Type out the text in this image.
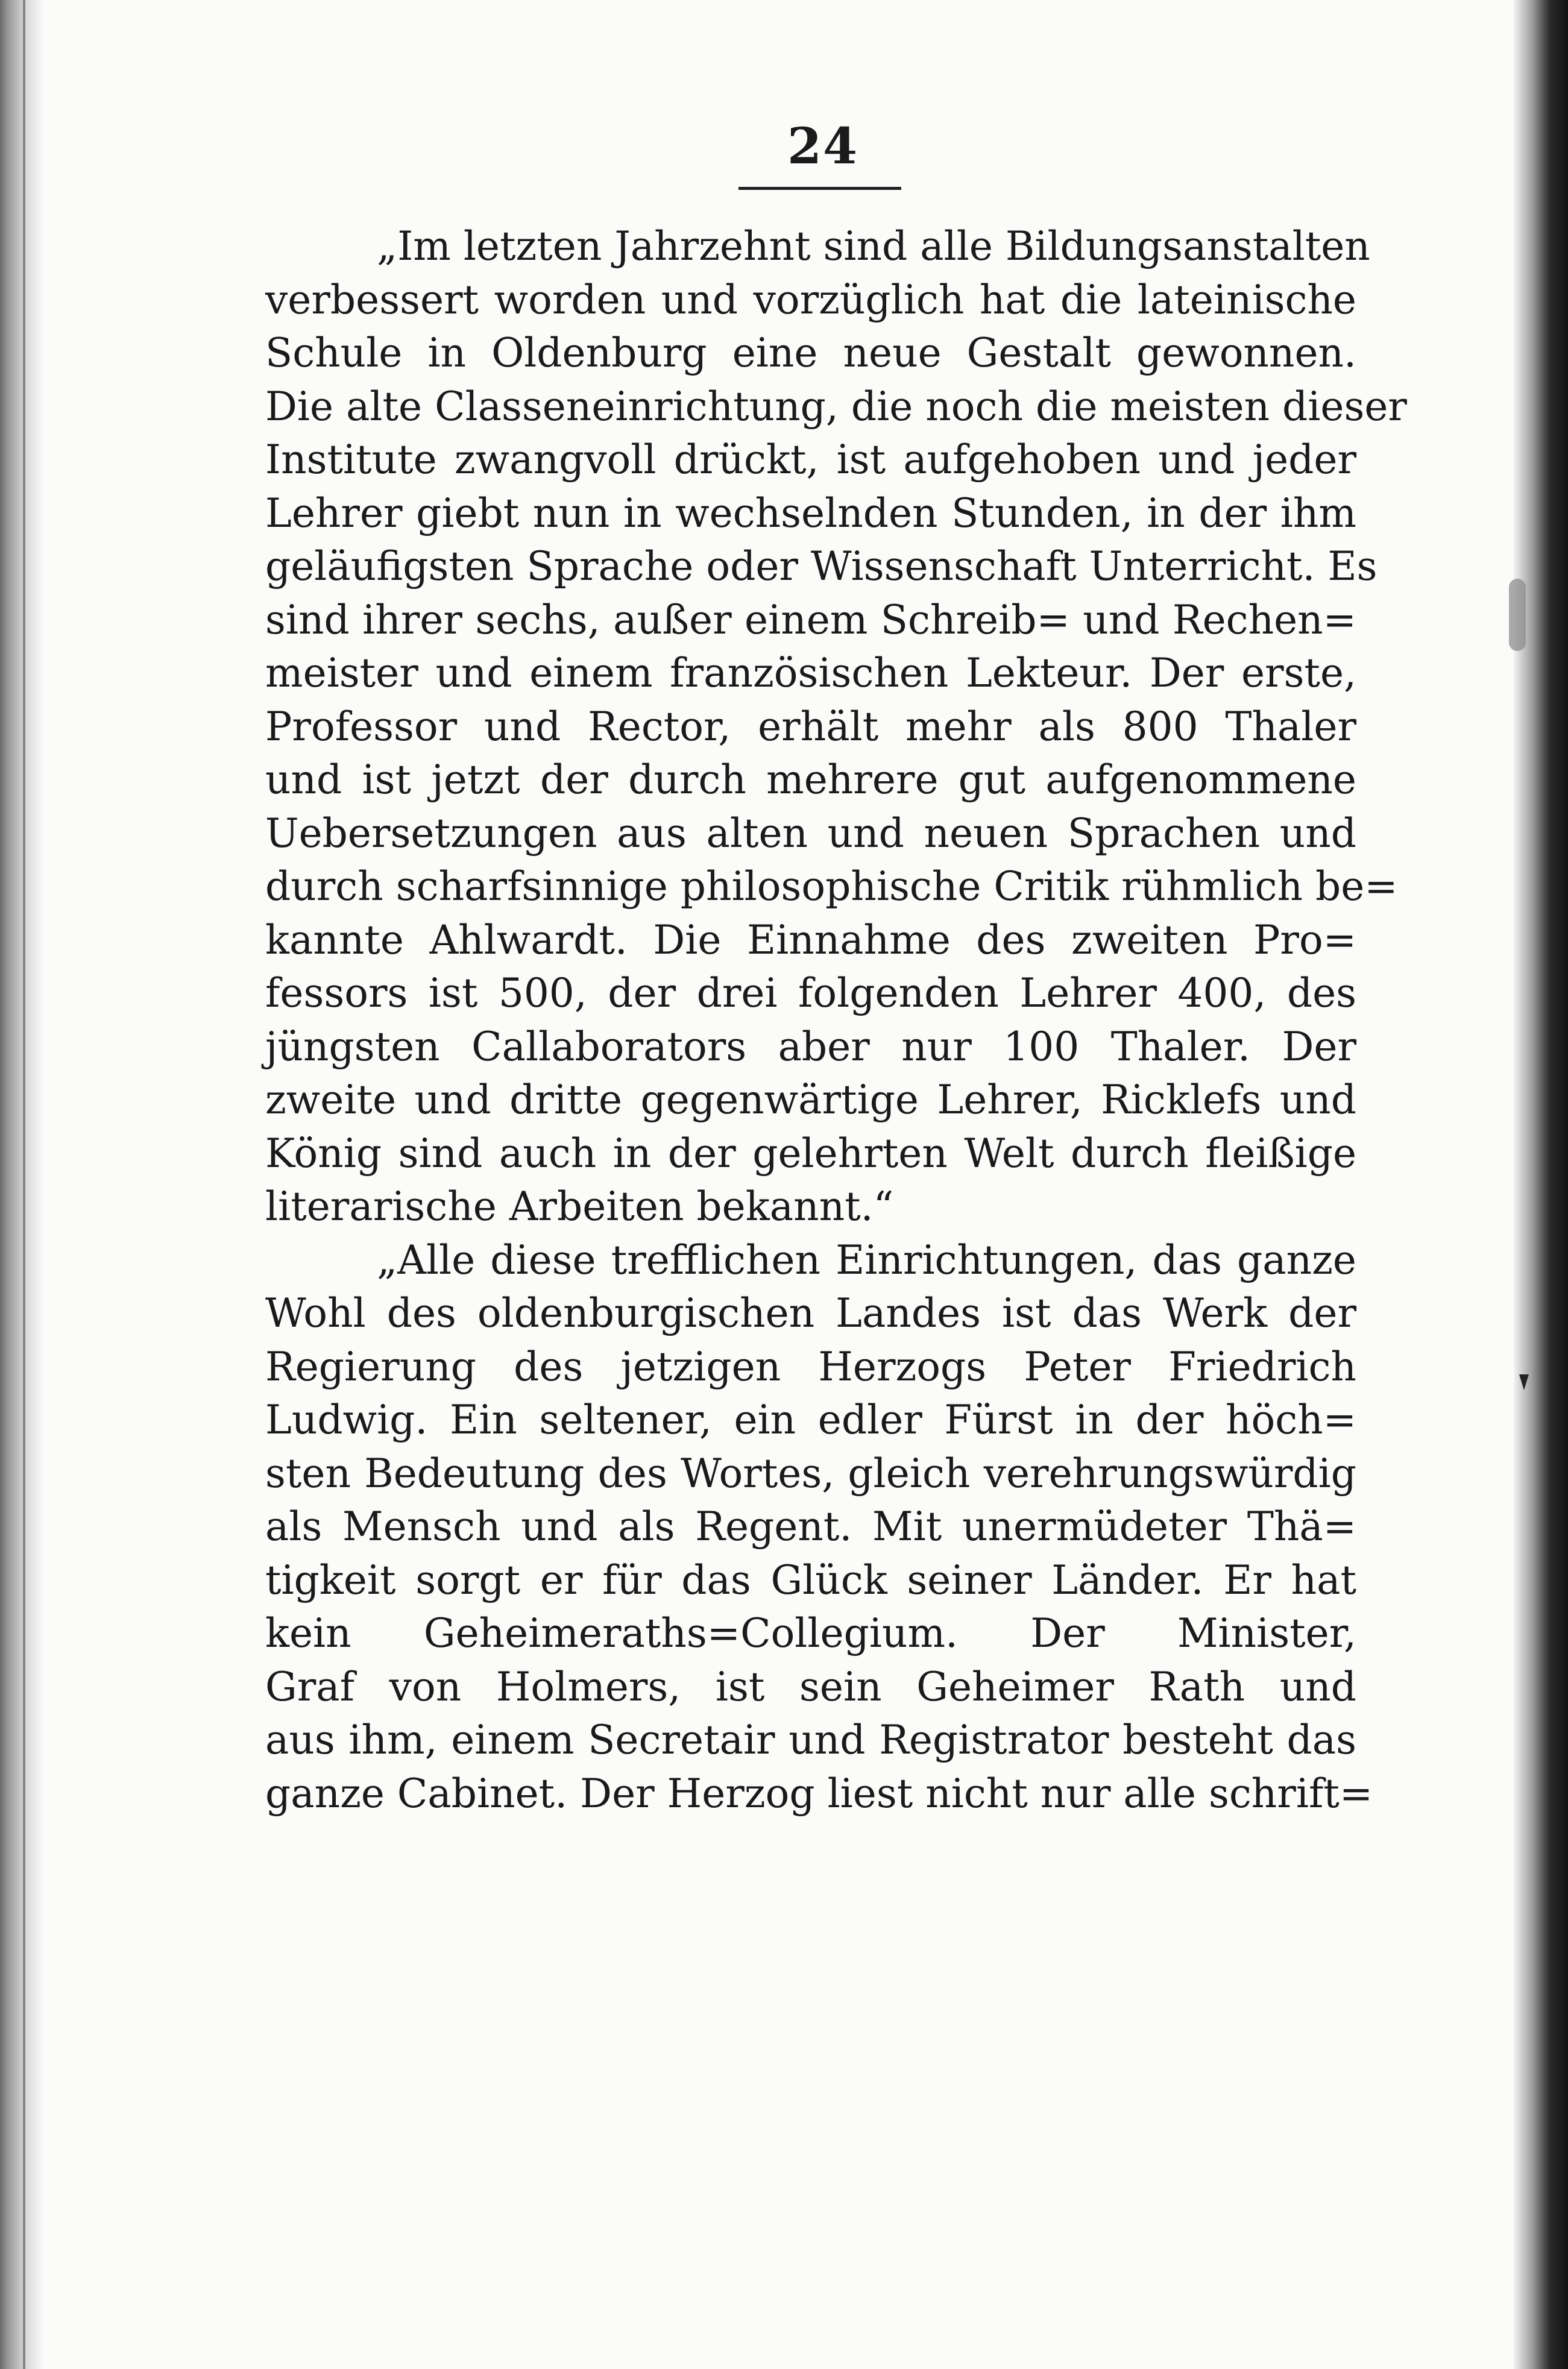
24
„Im letzten Jahrzehnt sind alle Bildungsanstalten
verbessert worden und vorzüglich hat die lateinische
Schule in Oldenburg eine neue Gestalt gewonnen.
Die alte Classeneinrichtung, die noch die meisten dieser
Institute zwangvoll drückt, ist aufgehoben und jeder
Lehrer giebt nun in wechselnden Stunden, in der ihm
geläufigsten Sprache oder Wissenschaft Unterricht. Es
sind ihrer sechs, außer einem Schreib= und Rechen=
meister und einem französischen Lekteur. Der erste,
Professor und Rector, erhält mehr als 800 Thaler
und ist jetzt der durch mehrere gut aufgenommene
Uebersetzungen aus alten und neuen Sprachen und
durch scharfsinnige philosophische Critik rühmlich be=
kannte Ahlwardt. Die Einnahme des zweiten Pro=
fessors ist 500, der drei folgenden Lehrer 400, des
jüngsten Callaborators aber nur 100 Thaler. Der
zweite und dritte gegenwärtige Lehrer, Ricklefs und
König sind auch in der gelehrten Welt durch fleißige
literarische Arbeiten bekannt.“
„Alle diese trefflichen Einrichtungen, das ganze
Wohl des oldenburgischen Landes ist das Werk der
Regierung des jetzigen Herzogs Peter Friedrich
Ludwig. Ein seltener, ein edler Fürst in der höch=
sten Bedeutung des Wortes, gleich verehrungswürdig
als Mensch und als Regent. Mit unermüdeter Thä=
tigkeit sorgt er für das Glück seiner Länder. Er hat
kein Geheimeraths=Collegium. Der Minister,
Graf von Holmers, ist sein Geheimer Rath und
aus ihm, einem Secretair und Registrator besteht das
ganze Cabinet. Der Herzog liest nicht nur alle schrift=
